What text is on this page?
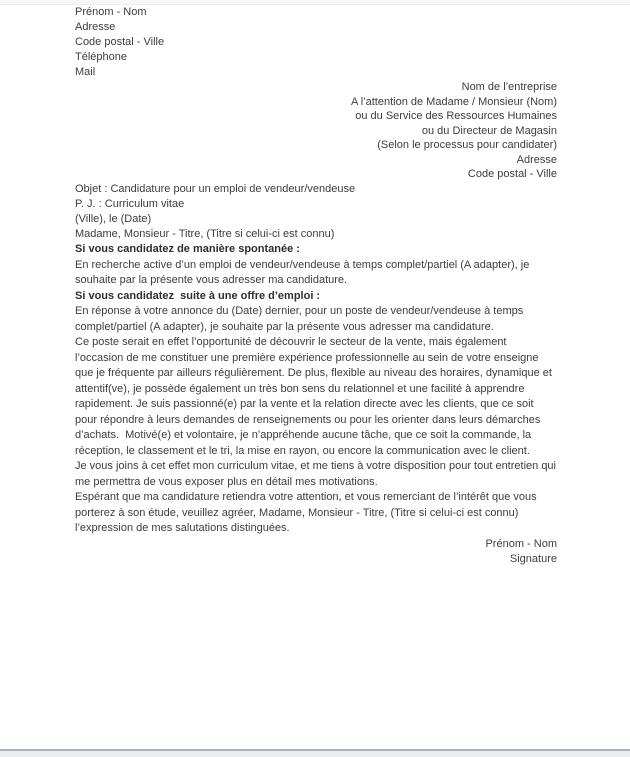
Prénom - Nom
Adresse
Code postal - Ville
Téléphone
Mail
Nom de l’entreprise
A l’attention de Madame / Monsieur (Nom)
ou du Service des Ressources Humaines
ou du Directeur de Magasin
(Selon le processus pour candidater)
Adresse
Code postal - Ville
Objet : Candidature pour un emploi de vendeur/vendeuse
P. J. : Curriculum vitae
(Ville), le (Date)

Madame, Monsieur - Titre, (Titre si celui-ci est connu)

Si vous candidatez de manière spontanée :

En recherche active d’un emploi de vendeur/vendeuse à temps complet/partiel (A adapter), je souhaite par la présente vous adresser ma candidature.

Si vous candidatez  suite à une offre d’emploi :

En réponse à votre annonce du (Date) dernier, pour un poste de vendeur/vendeuse à temps complet/partiel (A adapter), je souhaite par la présente vous adresser ma candidature.

Ce poste serait en effet l’opportunité de découvrir le secteur de la vente, mais également l’occasion de me constituer une première expérience professionnelle au sein de votre enseigne que je fréquente par ailleurs régulièrement. De plus, flexible au niveau des horaires, dynamique et attentif(ve), je possède également un très bon sens du relationnel et une facilité à apprendre rapidement. Je suis passionné(e) par la vente et la relation directe avec les clients, que ce soit pour répondre à leurs demandes de renseignements ou pour les orienter dans leurs démarches d’achats.  Motivé(e) et volontaire, je n’appréhende aucune tâche, que ce soit la commande, la réception, le classement et le tri, la mise en rayon, ou encore la communication avec le client.

Je vous joins à cet effet mon curriculum vitae, et me tiens à votre disposition pour tout entretien qui me permettra de vous exposer plus en détail mes motivations.

Espérant que ma candidature retiendra votre attention, et vous remerciant de l’intérêt que vous porterez à son étude, veuillez agréer, Madame, Monsieur - Titre, (Titre si celui-ci est connu) l’expression de mes salutations distinguées.

Prénom - Nom
Signature
